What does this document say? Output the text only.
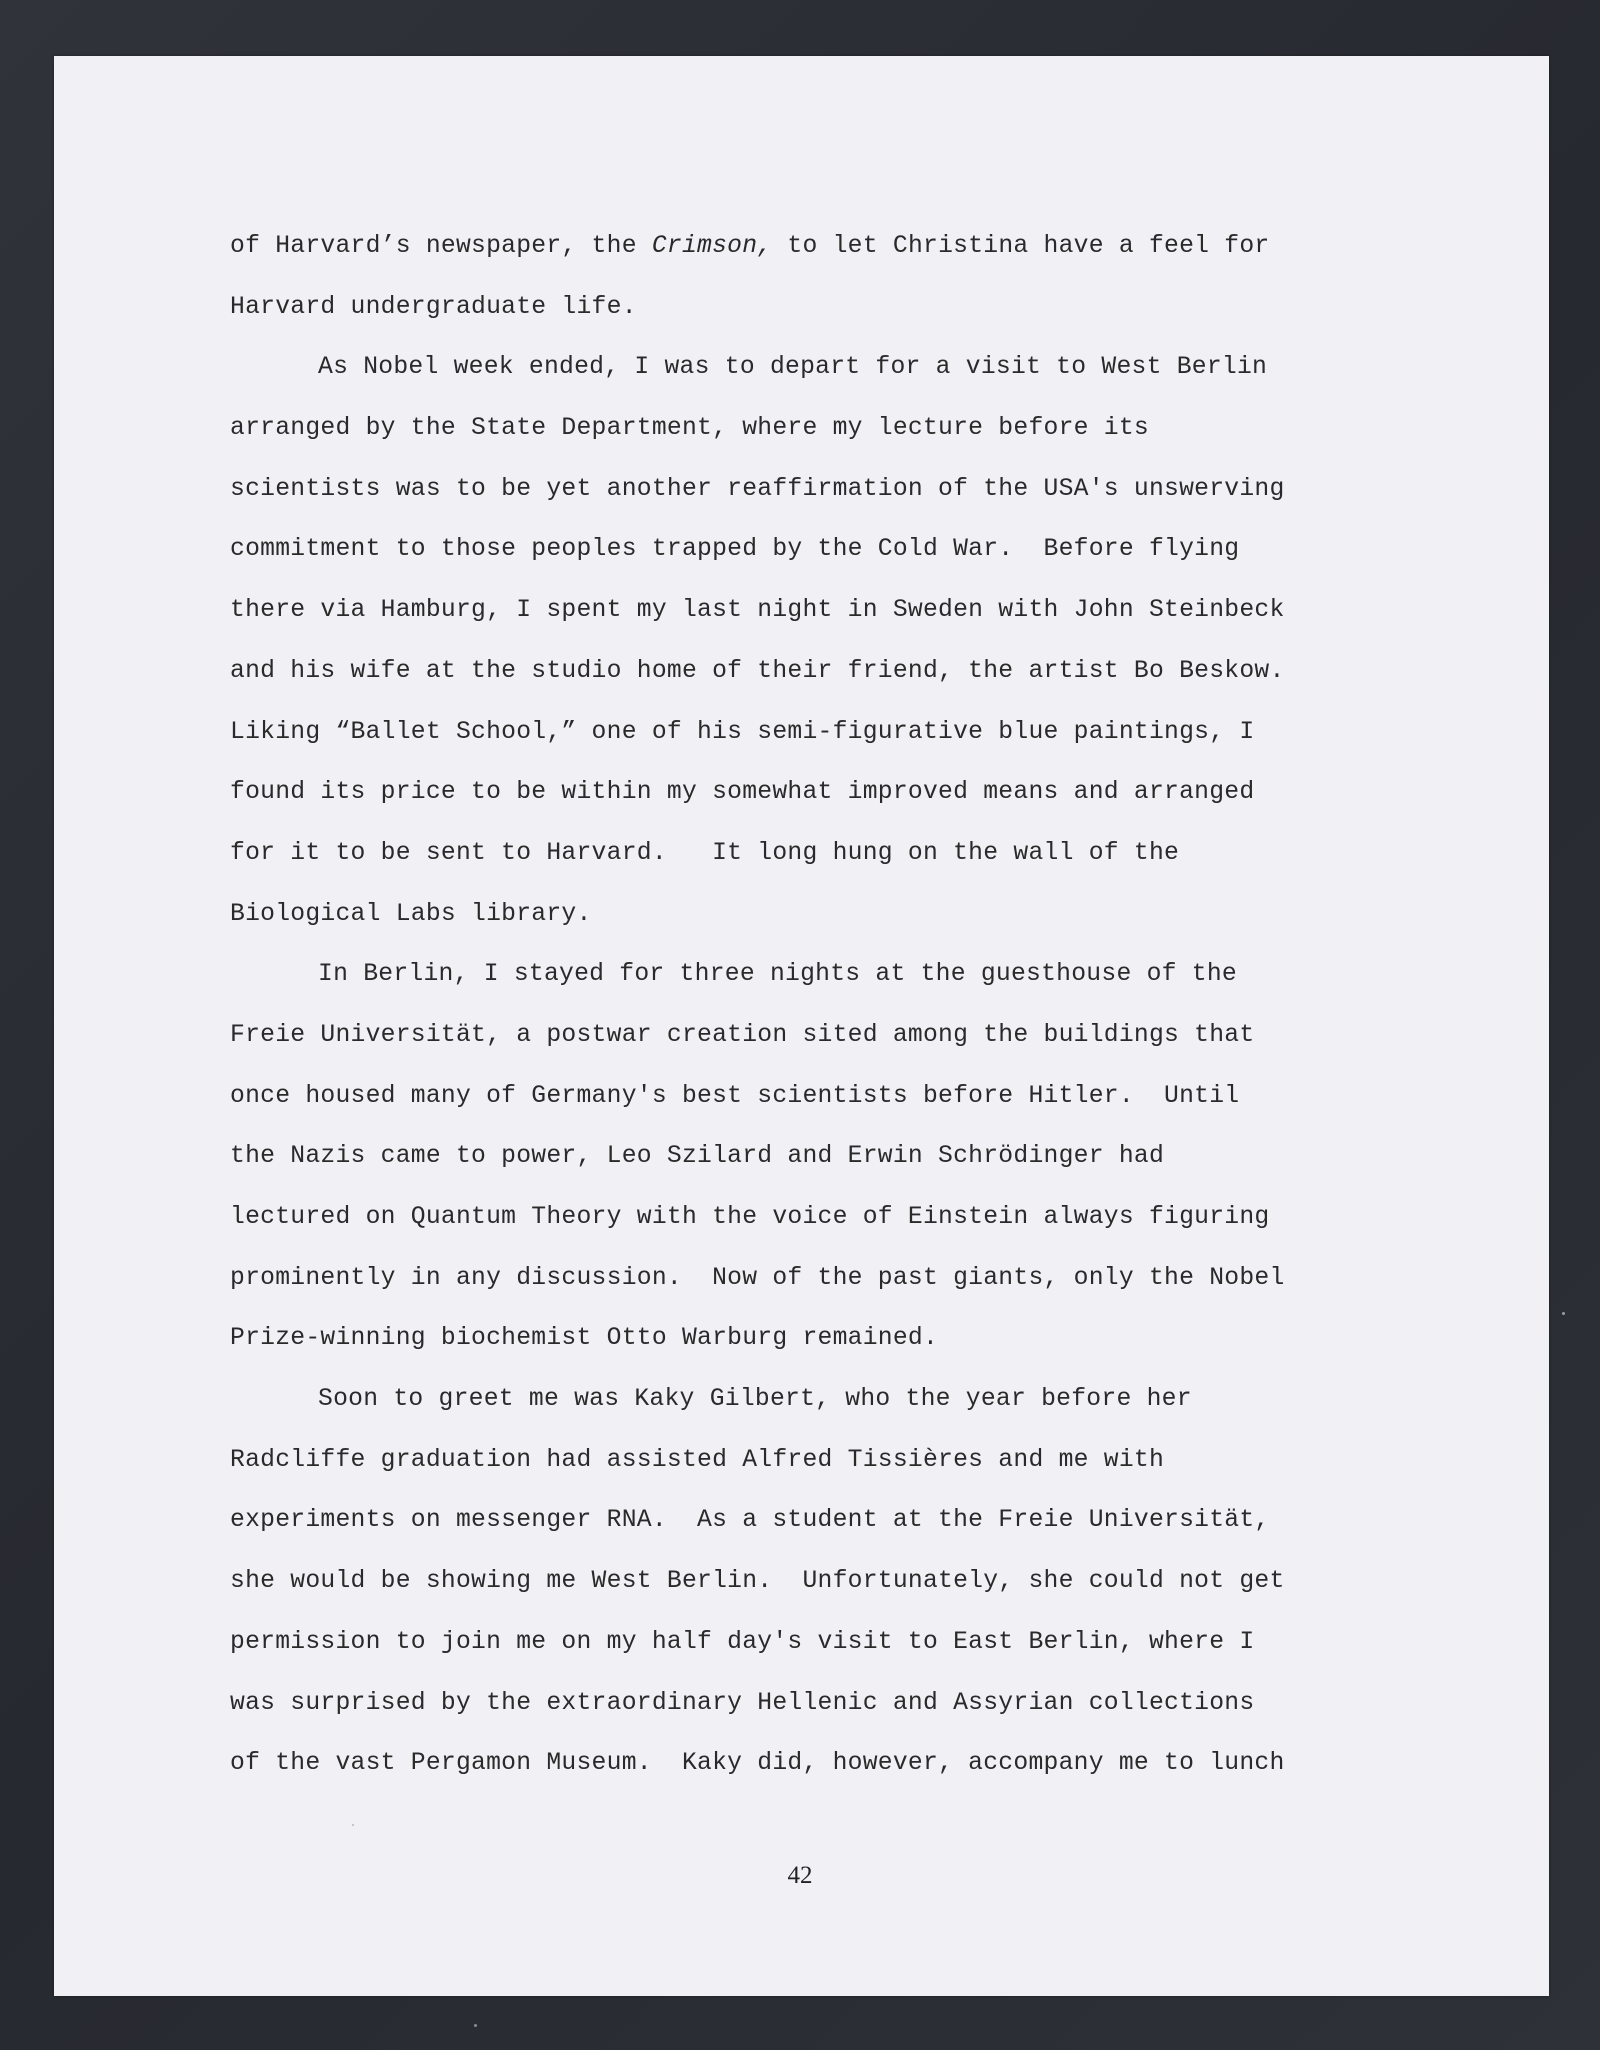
of Harvard’s newspaper, the Crimson, to let Christina have a feel for
Harvard undergraduate life.
As Nobel week ended, I was to depart for a visit to West Berlin
arranged by the State Department, where my lecture before its
scientists was to be yet another reaffirmation of the USA's unswerving
commitment to those peoples trapped by the Cold War.  Before flying
there via Hamburg, I spent my last night in Sweden with John Steinbeck
and his wife at the studio home of their friend, the artist Bo Beskow.
Liking “Ballet School,” one of his semi-figurative blue paintings, I
found its price to be within my somewhat improved means and arranged
for it to be sent to Harvard.   It long hung on the wall of the
Biological Labs library.
In Berlin, I stayed for three nights at the guesthouse of the
Freie Universität, a postwar creation sited among the buildings that
once housed many of Germany's best scientists before Hitler.  Until
the Nazis came to power, Leo Szilard and Erwin Schrödinger had
lectured on Quantum Theory with the voice of Einstein always figuring
prominently in any discussion.  Now of the past giants, only the Nobel
Prize-winning biochemist Otto Warburg remained.
Soon to greet me was Kaky Gilbert, who the year before her
Radcliffe graduation had assisted Alfred Tissières and me with
experiments on messenger RNA.  As a student at the Freie Universität,
she would be showing me West Berlin.  Unfortunately, she could not get
permission to join me on my half day's visit to East Berlin, where I
was surprised by the extraordinary Hellenic and Assyrian collections
of the vast Pergamon Museum.  Kaky did, however, accompany me to lunch
42
